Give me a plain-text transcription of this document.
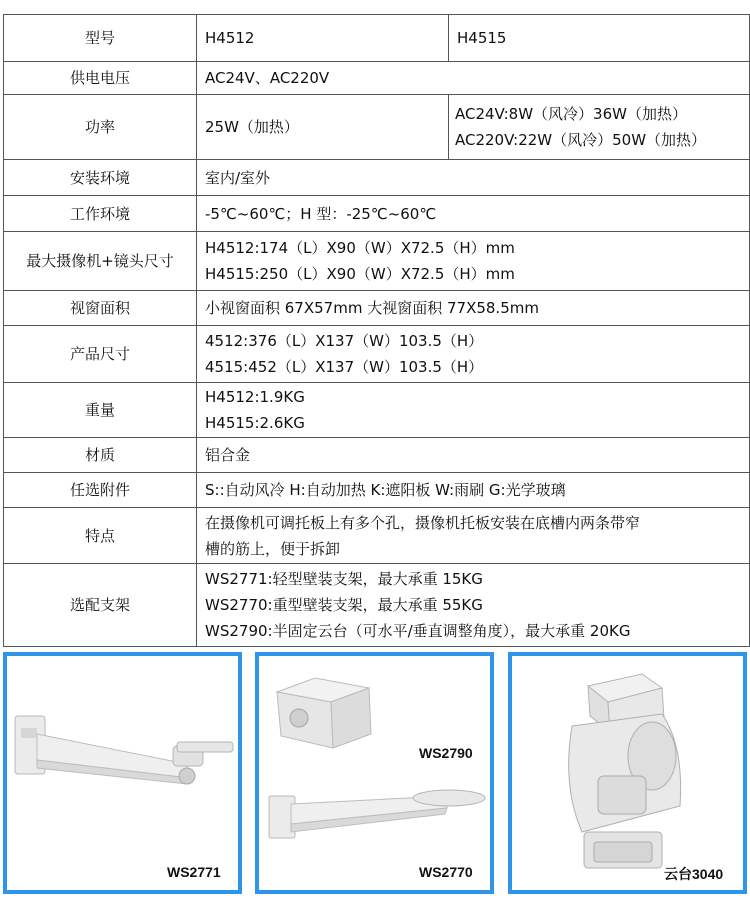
型号	H4512	H4515
供电电压	AC24V、AC220V	
功率	25W（加热）	AC24V:8W（风冷）36W（加热）
AC220V:22W（风冷）50W（加热）

安装环境	室内/室外	
工作环境	-5℃~60℃；H 型：-25℃~60℃	
最大摄像机+镜头尺寸	H4512:174（L）X90（W）X72.5（H）mm
H4515:250（L）X90（W）X72.5（H）mm	

视窗面积	小视窗面积 67X57mm 大视窗面积 77X58.5mm	
产品尺寸	4512:376（L）X137（W）103.5（H）
4515:452（L）X137（W）103.5（H）	

重量	H4512:1.9KG
H4515:2.6KG	

材质	铝合金	
任选附件	S::自动风冷 H:自动加热 K:遮阳板 W:雨刷 G:光学玻璃	
特点	在摄像机可调托板上有多个孔，摄像机托板安装在底槽内两条带窄
槽的筋上，便于拆卸	

选配支架	WS2771:轻型壁装支架，最大承重 15KG
WS2770:重型壁装支架，最大承重 55KG
WS2790:半固定云台（可水平/垂直调整角度），最大承重 20KG	
WS2771
WS2790
WS2770	云台3040
